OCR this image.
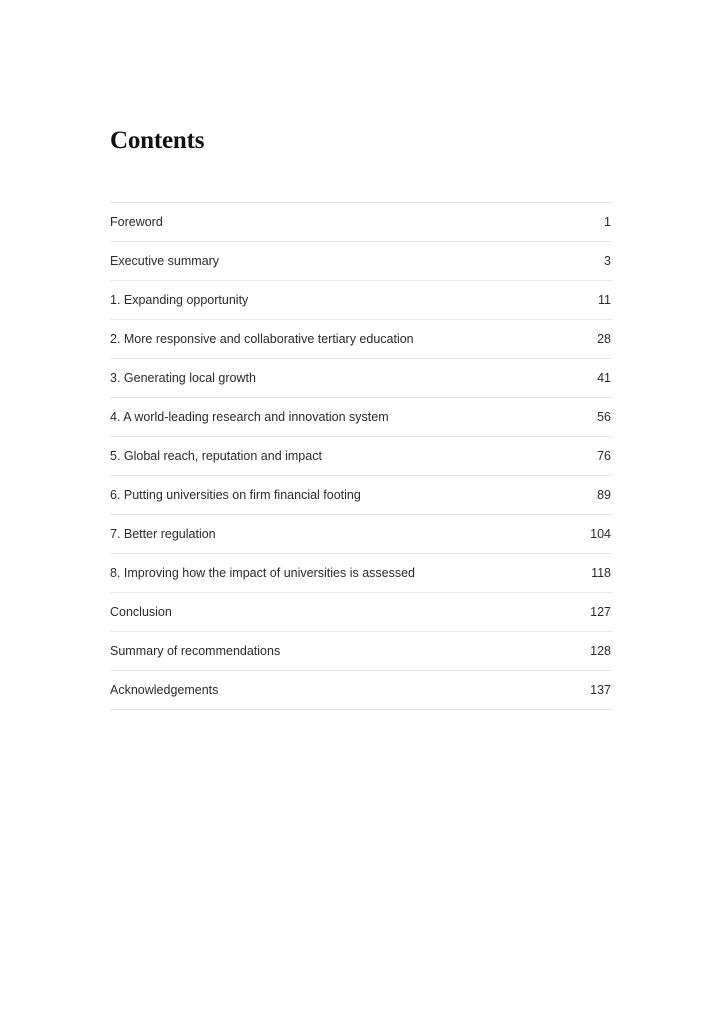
Contents
Foreword	1
Executive summary	3
1. Expanding opportunity	11
2. More responsive and collaborative tertiary education	28
3. Generating local growth	41
4. A world-leading research and innovation system	56
5. Global reach, reputation and impact	76
6. Putting universities on firm financial footing	89
7. Better regulation	104
8. Improving how the impact of universities is assessed	118
Conclusion	127
Summary of recommendations	128
Acknowledgements	137
